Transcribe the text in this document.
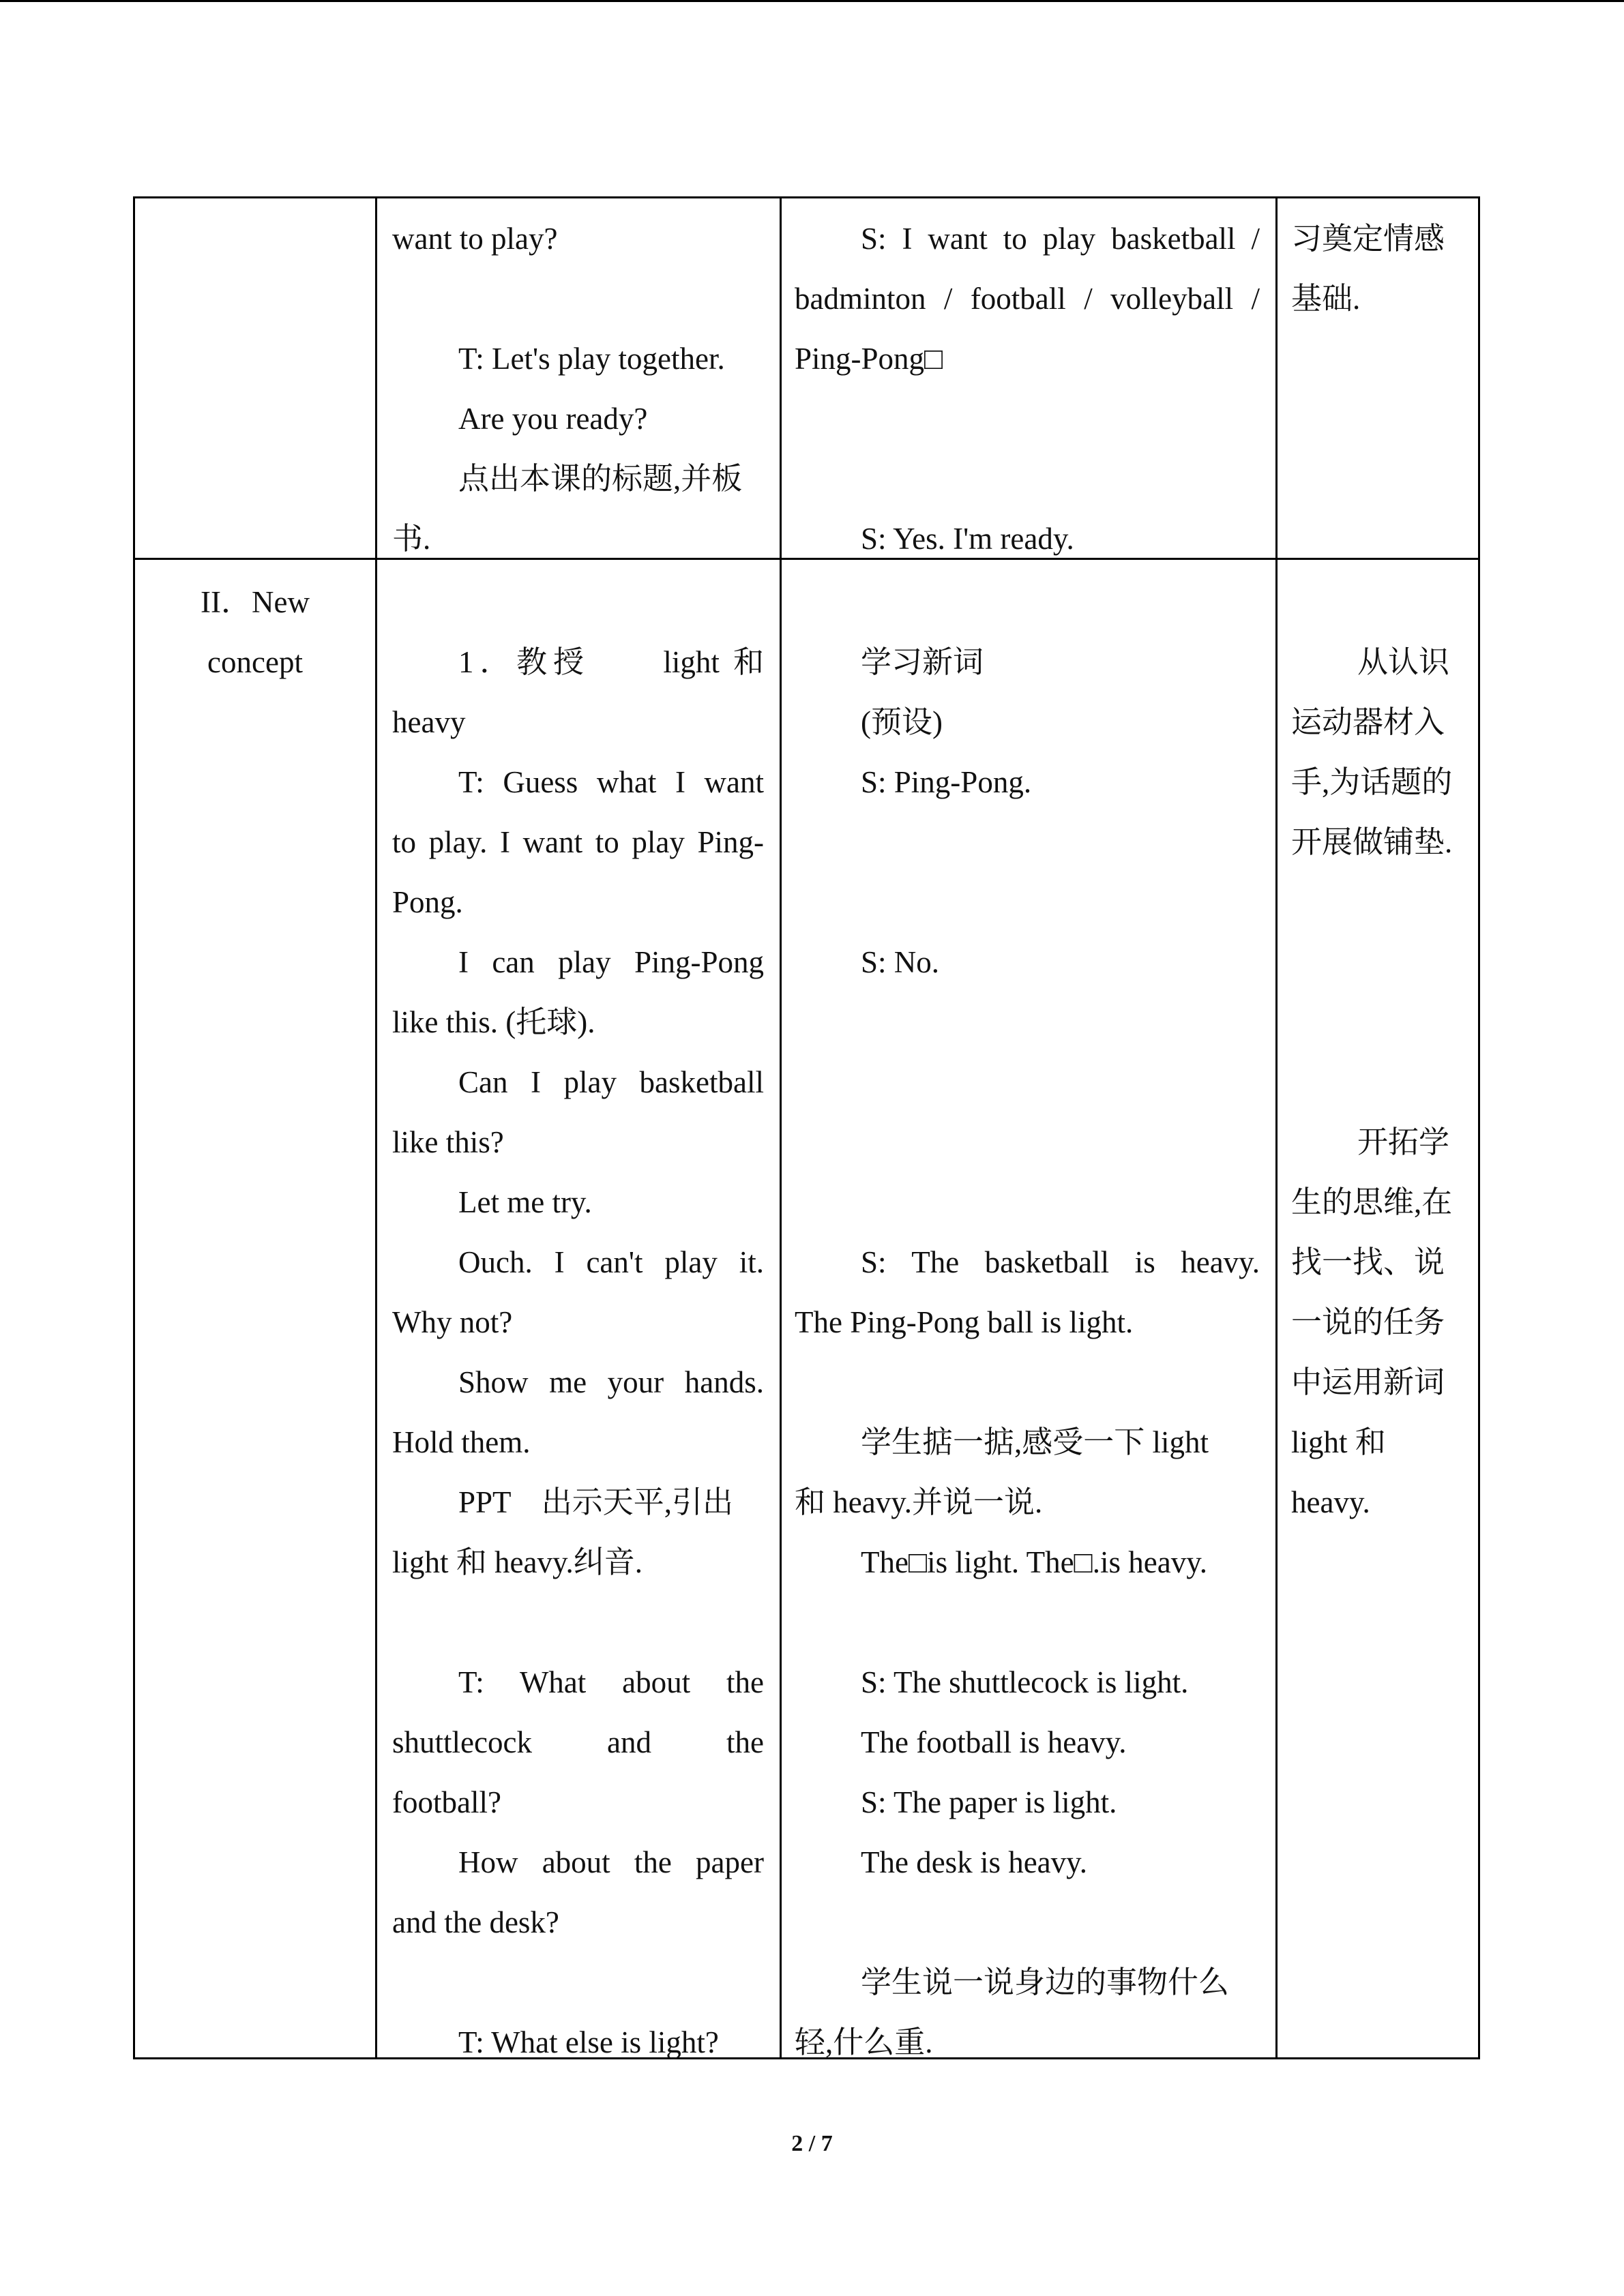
want to play?

T: Let's play together.

Are you ready?

点出本课的标题,并板

书.

S: I want to play basketball /

badminton / football / volleyball /

Ping-Pong□

S: Yes. I'm ready.

习奠定情感

基础.

II．New

concept	1．教授　　light 和

heavy

T: Guess what I want

to play. I want to play Ping-

Pong.

I can play Ping-Pong

like this. (托球).

Can I play basketball

like this?

Let me try.

Ouch. I can't play it.

Why not?

Show me your hands.

Hold them.

PPT　出示天平,引出

light 和 heavy.纠音.

T: What about the

shuttlecock and the

football?

How about the paper

and the desk?

T: What else is light?

学习新词

(预设)

S: Ping-Pong.

S: No.

S: The basketball is heavy.

The Ping-Pong ball is light.

学生掂一掂,感受一下 light

和 heavy.并说一说.

The□is light. The□.is heavy.

S: The shuttlecock is light.

The football is heavy.

S: The paper is light.

The desk is heavy.

学生说一说身边的事物什么

轻,什么重.

从认识

运动器材入

手,为话题的

开展做铺垫.

开拓学

生的思维,在

找一找、说

一说的任务

中运用新词

light 和

heavy.

2 / 7
